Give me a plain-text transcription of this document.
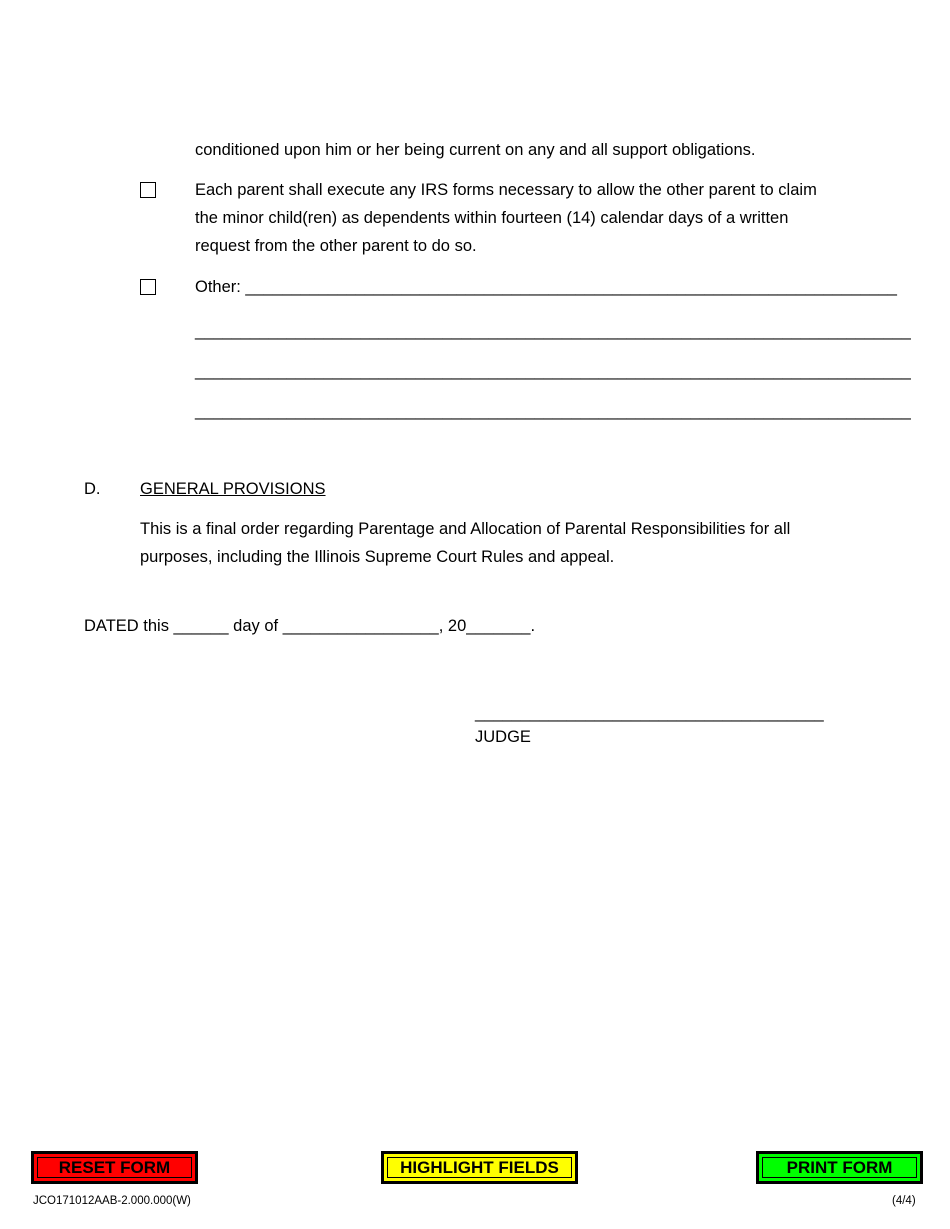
conditioned upon him or her being current on any and all support obligations.
Each parent shall execute any IRS forms necessary to allow the other parent to claim
the minor child(ren) as dependents within fourteen (14) calendar days of a written
request from the other parent to do so.
Other: _______________________________________________________________________
______________________________________________________________________________
______________________________________________________________________________
______________________________________________________________________________
D. GENERAL PROVISIONS
This is a final order regarding Parentage and Allocation of Parental Responsibilities for all
purposes, including the Illinois Supreme Court Rules and appeal.
DATED this ______ day of _________________, 20_______.
______________________________________
JUDGE
RESET FORM	HIGHLIGHT FIELDS	PRINT FORM
JCO171012AAB-2.000.000(W)	(4/4)
